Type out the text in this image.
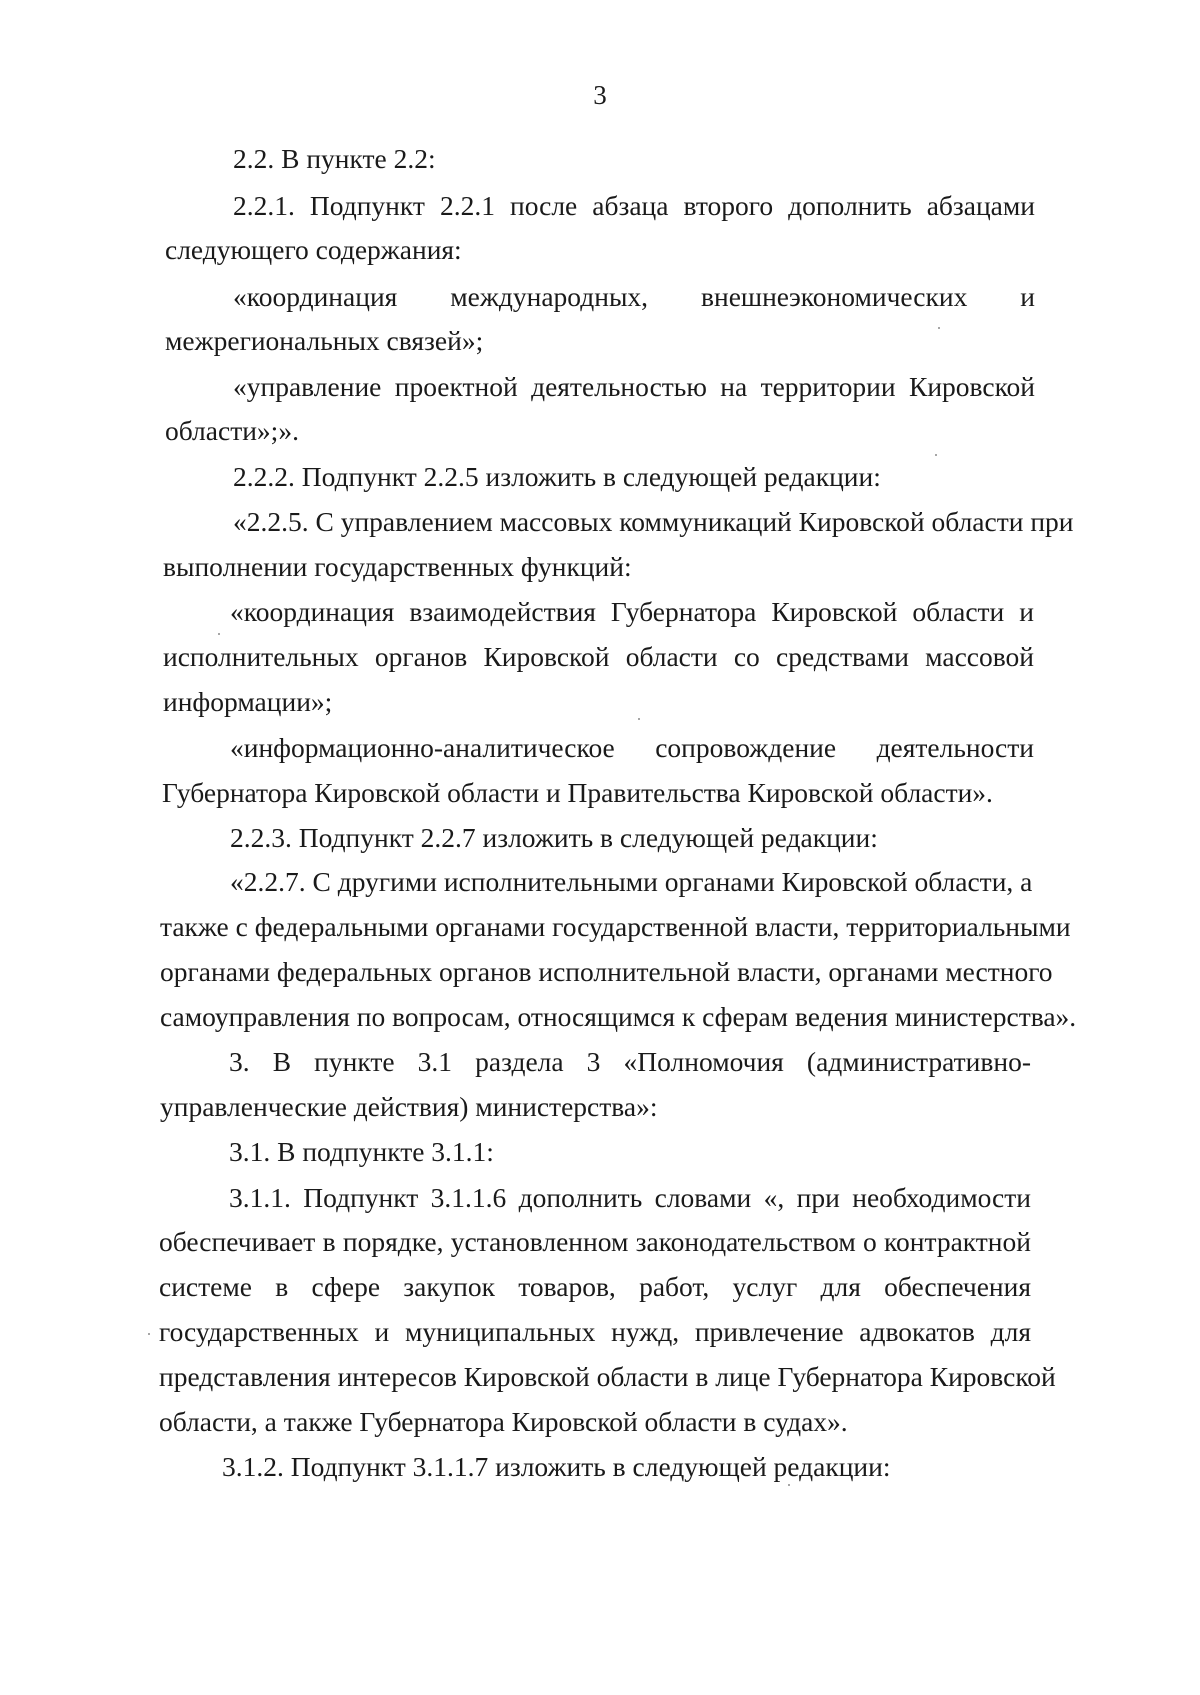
3
2.2. В пункте 2.2:
2.2.1. Подпункт 2.2.1 после абзаца второго дополнить абзацами
следующего содержания:
«координация международных, внешнеэкономических и
межрегиональных связей»;
«управление проектной деятельностью на территории Кировской
области»;».
2.2.2. Подпункт 2.2.5 изложить в следующей редакции:
«2.2.5. С управлением массовых коммуникаций Кировской области при
выполнении государственных функций:
«координация взаимодействия Губернатора Кировской области и
исполнительных органов Кировской области со средствами массовой
информации»;
«информационно-аналитическое сопровождение деятельности
Губернатора Кировской области и Правительства Кировской области».
2.2.3. Подпункт 2.2.7 изложить в следующей редакции:
«2.2.7. С другими исполнительными органами Кировской области, а
также с федеральными органами государственной власти, территориальными
органами федеральных органов исполнительной власти, органами местного
самоуправления по вопросам, относящимся к сферам ведения министерства».
3. В пункте 3.1 раздела 3 «Полномочия (административно-
управленческие действия) министерства»:
3.1. В подпункте 3.1.1:
3.1.1. Подпункт 3.1.1.6 дополнить словами «, при необходимости
обеспечивает в порядке, установленном законодательством о контрактной
системе в сфере закупок товаров, работ, услуг для обеспечения
государственных и муниципальных нужд, привлечение адвокатов для
представления интересов Кировской области в лице Губернатора Кировской
области, а также Губернатора Кировской области в судах».
3.1.2. Подпункт 3.1.1.7 изложить в следующей редакции:
